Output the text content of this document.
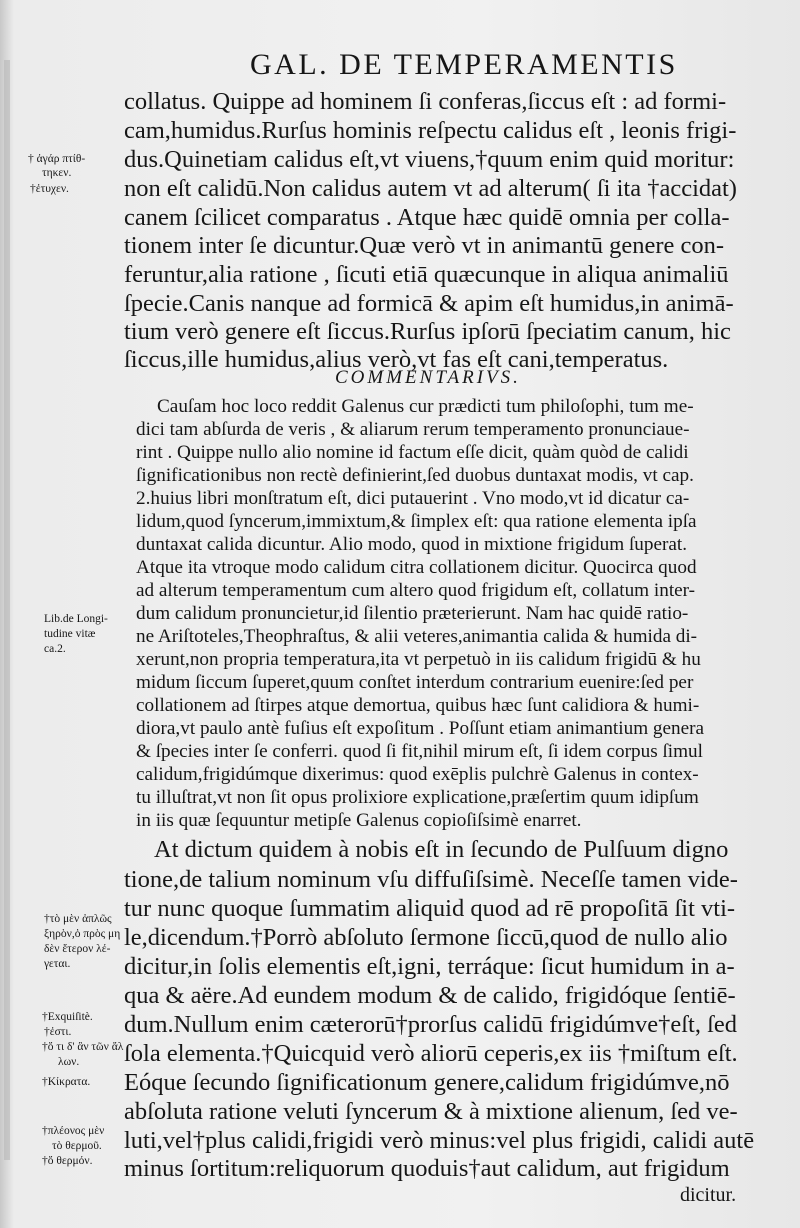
GAL. DE TEMPERAMENTIS
† ἀγάρ πτίθ-
τηκεν.
†ἐτυχεν.
Lib.de Longi-
tudine vitæ
ca.2.
†τὸ μὲν ἁπλῶς
ξηρὸν,ὁ πρὸς μη
δὲν ἕτερον λέ-
γεται.
†Exquiſitè.
†ἐστι.
†ὅ τι δ' ἂν τῶν ἄλ
λων.
†Κίκρατα.
†πλέονος μὲν
τὸ θερμοῦ.
†ὅ θερμόν.
collatus. Quippe ad hominem ſi conferas,ſiccus eſt : ad formi-
cam,humidus.Rurſus hominis reſpectu calidus eſt , leonis frigi-
dus.Quinetiam calidus eſt,vt viuens,†quum enim quid moritur:
non eſt calidū.Non calidus autem vt ad alterum( ſi ita †accidat)
canem ſcilicet comparatus . Atque hæc quidē omnia per colla-
tionem inter ſe dicuntur.Quæ verò vt in animantū genere con-
feruntur,alia ratione , ſicuti etiā quæcunque in aliqua animaliū
ſpecie.Canis nanque ad formicā & apim eſt humidus,in animā-
tium verò genere eſt ſiccus.Rurſus ipſorū ſpeciatim canum, hic
ſiccus,ille humidus,alius verò,vt fas eſt cani,temperatus.
COMMENTARIVS.
Cauſam hoc loco reddit Galenus cur prædicti tum philoſophi, tum me-
dici tam abſurda de veris , & aliarum rerum temperamento pronunciaue-
rint . Quippe nullo alio nomine id factum eſſe dicit, quàm quòd de calidi
ſignificationibus non rectè definierint,ſed duobus duntaxat modis, vt cap.
2.huius libri monſtratum eſt, dici putauerint . Vno modo,vt id dicatur ca-
lidum,quod ſyncerum,immixtum,& ſimplex eſt: qua ratione elementa ipſa
duntaxat calida dicuntur. Alio modo, quod in mixtione frigidum ſuperat.
Atque ita vtroque modo calidum citra collationem dicitur. Quocirca quod
ad alterum temperamentum cum altero quod frigidum eſt, collatum inter-
dum calidum pronuncietur,id ſilentio præterierunt. Nam hac quidē ratio-
ne Ariſtoteles,Theophraſtus, & alii veteres,animantia calida & humida di-
xerunt,non propria temperatura,ita vt perpetuò in iis calidum frigidū & hu
midum ſiccum ſuperet,quum conſtet interdum contrarium euenire:ſed per
collationem ad ſtirpes atque demortua, quibus hæc ſunt calidiora & humi-
diora,vt paulo antè fuſius eſt expoſitum . Poſſunt etiam animantium genera
& ſpecies inter ſe conferri. quod ſi fit,nihil mirum eſt, ſi idem corpus ſimul
calidum,frigidúmque dixerimus: quod exēplis pulchrè Galenus in contex-
tu illuſtrat,vt non ſit opus prolixiore explicatione,præſertim quum idipſum
in iis quæ ſequuntur metipſe Galenus copioſiſsimè enarret.
At dictum quidem à nobis eſt in ſecundo de Pulſuum digno
tione,de talium nominum vſu diffuſiſsimè. Neceſſe tamen vide-
tur nunc quoque ſummatim aliquid quod ad rē propoſitā ſit vti-
le,dicendum.†Porrò abſoluto ſermone ſiccū,quod de nullo alio
dicitur,in ſolis elementis eſt,igni, terráque: ſicut humidum in a-
qua & aëre.Ad eundem modum & de calido, frigidóque ſentiē-
dum.Nullum enim cæterorū†prorſus calidū frigidúmve†eſt, ſed
ſola elementa.†Quicquid verò aliorū ceperis,ex iis †miſtum eſt.
Eóque ſecundo ſignificationum genere,calidum frigidúmve,nō
abſoluta ratione veluti ſyncerum & à mixtione alienum, ſed ve-
luti,vel†plus calidi,frigidi verò minus:vel plus frigidi, calidi autē
minus ſortitum:reliquorum quoduis†aut calidum, aut frigidum
dicitur.
